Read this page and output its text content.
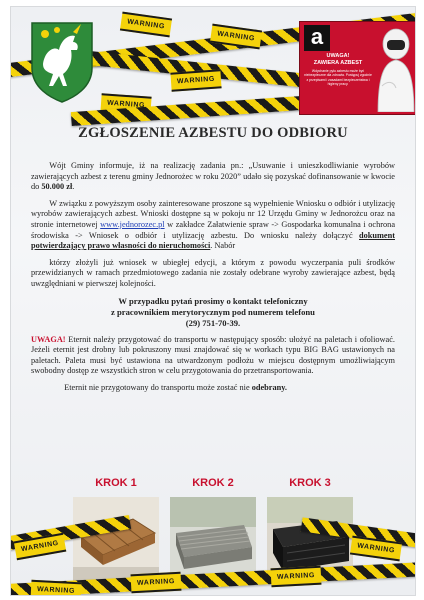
WARNING
WARNING
WARNING
WARNING
a
UWAGA!
ZAWIERA AZBEST
Wdychanie pyłu azbestu może być niebezpieczne dla zdrowia. Postępuj zgodnie z przepisami i zasadami bezpieczeństwa i higieny pracy.
ZGŁOSZENIE AZBESTU DO ODBIORU

Wójt Gminy informuje, iż na realizację zadania pn.: „Usuwanie i unieszkodliwianie wyrobów zawierających azbest z terenu gminy Jednorożec w roku 2020” udało się pozyskać dofinansowanie w kwocie do 50.000 zł.

W związku z powyższym osoby zainteresowane proszone są wypełnienie Wniosku o odbiór i utylizację wyrobów zawierających azbest. Wnioski dostępne są w pokoju nr 12 Urzędu Gminy w Jednorożcu oraz na stronie internetowej www.jednorozec.pl w zakładce Załatwienie spraw -> Gospodarka komunalna i ochrona środowiska -> Wniosek o odbiór i utylizację azbestu. Do wniosku należy dołączyć dokument potwierdzający prawo własności do nieruchomości. Nabór

którzy złożyli już wniosek w ubiegłej edycji, a którym z powodu wyczerpania puli środków przewidzianych w ramach przedmiotowego zadania nie zostały odebrane wyroby zawierające azbest, będą uwzględniani w pierwszej kolejności.

W przypadku pytań prosimy o kontakt telefoniczny
z pracownikiem merytorycznym pod numerem telefonu
(29) 751-70-39.

UWAGA! Eternit należy przygotować do transportu w następujący sposób: ułożyć na paletach i ofoliować. Jeżeli eternit jest drobny lub pokruszony musi znajdować się w workach typu BIG BAG ustawionych na paletach. Paleta musi być ustawiona na utwardzonym podłożu w miejscu dostępnym umożliwiającym swobodny dostęp ze wszystkich stron w celu przygotowania do przetransportowania.

Eternit nie przygotowany do transportu może zostać nie odebrany.

KROK 1	KROK 2	KROK 3
WARNING	WARNING
WARNING
WARNING
WARNING
